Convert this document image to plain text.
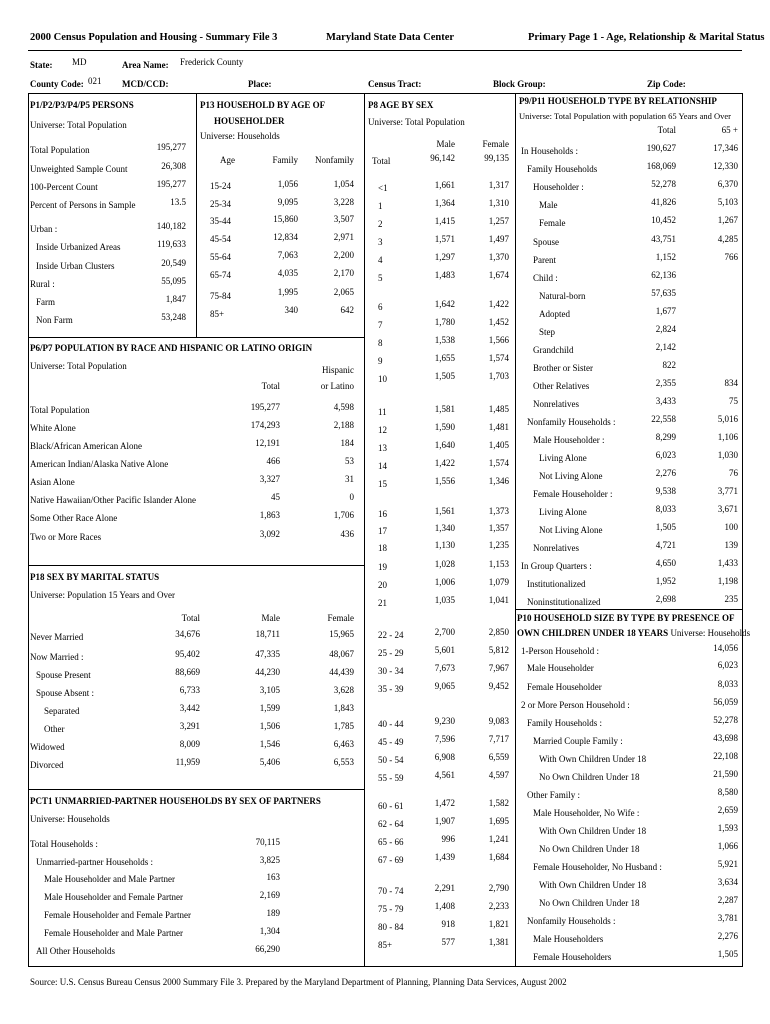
2000 Census Population and Housing - Summary File 3	Maryland State Data Center	Primary Page 1 - Age, Relationship & Marital Status
State: MD	Area Name: Frederick County
County Code: 021 MCD/CCD:	Place:	Census Tract:	Block Group:	Zip Code:
P1/P2/P3/P4/P5 PERSONS
Universe: Total Population
Total Population	195,277
Unweighted Sample Count	26,308
100-Percent Count	195,277
Percent of Persons in Sample	13.5
Urban :	140,182
Inside Urbanized Areas	119,633
Inside Urban Clusters	20,549
Rural :	55,095
Farm	1,847
Non Farm	53,248
P13 HOUSEHOLD BY AGE OF
HOUSEHOLDER
Universe: Households
Age	Family	Nonfamily
15-24	1,056	1,054
25-34	9,095	3,228
35-44	15,860	3,507
45-54	12,834	2,971
55-64	7,063	2,200
65-74	4,035	2,170
75-84	1,995	2,065
85+	340	642
P6/P7 POPULATION BY RACE AND HISPANIC OR LATINO ORIGIN
Universe: Total Population	Hispanic
Total	or Latino
Total Population	195,277	4,598
White Alone	174,293	2,188
Black/African American Alone	12,191	184
American Indian/Alaska Native Alone	466	53
Asian Alone	3,327	31
Native Hawaiian/Other Pacific Islander Alone	45	0
Some Other Race Alone	1,863	1,706
Two or More Races	3,092	436
P18 SEX BY MARITAL STATUS
Universe: Population 15 Years and Over
Total	Male	Female
Never Married	34,676	18,711	15,965
Now Married :	95,402	47,335	48,067
Spouse Present	88,669	44,230	44,439
Spouse Absent :	6,733	3,105	3,628
Separated	3,442	1,599	1,843
Other	3,291	1,506	1,785
Widowed	8,009	1,546	6,463
Divorced	11,959	5,406	6,553
PCT1 UNMARRIED-PARTNER HOUSEHOLDS BY SEX OF PARTNERS
Universe: Households
Total Households :	70,115
Unmarried-partner Households :	3,825
Male Householder and Male Partner	163
Male Householder and Female Partner	2,169
Female Householder and Female Partner	189
Female Householder and Male Partner	1,304
All Other Households	66,290
P8 AGE BY SEX
Universe: Total Population
Male	Female
Total	96,142	99,135
<1	1,661	1,317
1	1,364	1,310
2	1,415	1,257
3	1,571	1,497
4	1,297	1,370
5	1,483	1,674
6	1,642	1,422
7	1,780	1,452
8	1,538	1,566
9	1,655	1,574
10	1,505	1,703
11	1,581	1,485
12	1,590	1,481
13	1,640	1,405
14	1,422	1,574
15	1,556	1,346
16	1,561	1,373
17	1,340	1,357
18	1,130	1,235
19	1,028	1,153
20	1,006	1,079
21	1,035	1,041
22 - 24	2,700	2,850
25 - 29	5,601	5,812
30 - 34	7,673	7,967
35 - 39	9,065	9,452
40 - 44	9,230	9,083
45 - 49	7,596	7,717
50 - 54	6,908	6,559
55 - 59	4,561	4,597
60 - 61	1,472	1,582
62 - 64	1,907	1,695
65 - 66	996	1,241
67 - 69	1,439	1,684
70 - 74	2,291	2,790
75 - 79	1,408	2,233
80 - 84	918	1,821
85+	577	1,381
P9/P11 HOUSEHOLD TYPE BY RELATIONSHIP
Universe: Total Population with population 65 Years and Over
Total	65 +
In Households :	190,627	17,346
Family Households	168,069	12,330
Householder :	52,278	6,370
Male	41,826	5,103
Female	10,452	1,267
Spouse	43,751	4,285
Parent	1,152	766
Child :	62,136
Natural-born	57,635
Adopted	1,677
Step	2,824
Grandchild	2,142
Brother or Sister	822
Other Relatives	2,355	834
Nonrelatives	3,433	75
Nonfamily Households :	22,558	5,016
Male Householder :	8,299	1,106
Living Alone	6,023	1,030
Not Living Alone	2,276	76
Female Householder :	9,538	3,771
Living Alone	8,033	3,671
Not Living Alone	1,505	100
Nonrelatives	4,721	139
In Group Quarters :	4,650	1,433
Institutionalized	1,952	1,198
Noninstitutionalized	2,698	235
P10 HOUSEHOLD SIZE BY TYPE BY PRESENCE OF
OWN CHILDREN UNDER 18 YEARS Universe: Households
1-Person Household :	14,056
Male Householder	6,023
Female Householder	8,033
2 or More Person Household :	56,059
Family Households :	52,278
Married Couple Family :	43,698
With Own Children Under 18	22,108
No Own Children Under 18	21,590
Other Family :	8,580
Male Householder, No Wife :	2,659
With Own Children Under 18	1,593
No Own Children Under 18	1,066
Female Householder, No Husband :	5,921
With Own Children Under 18	3,634
No Own Children Under 18	2,287
Nonfamily Households :	3,781
Male Householders	2,276
Female Householders	1,505
Source: U.S. Census Bureau Census 2000 Summary File 3. Prepared by the Maryland Department of Planning, Planning Data Services, August 2002
